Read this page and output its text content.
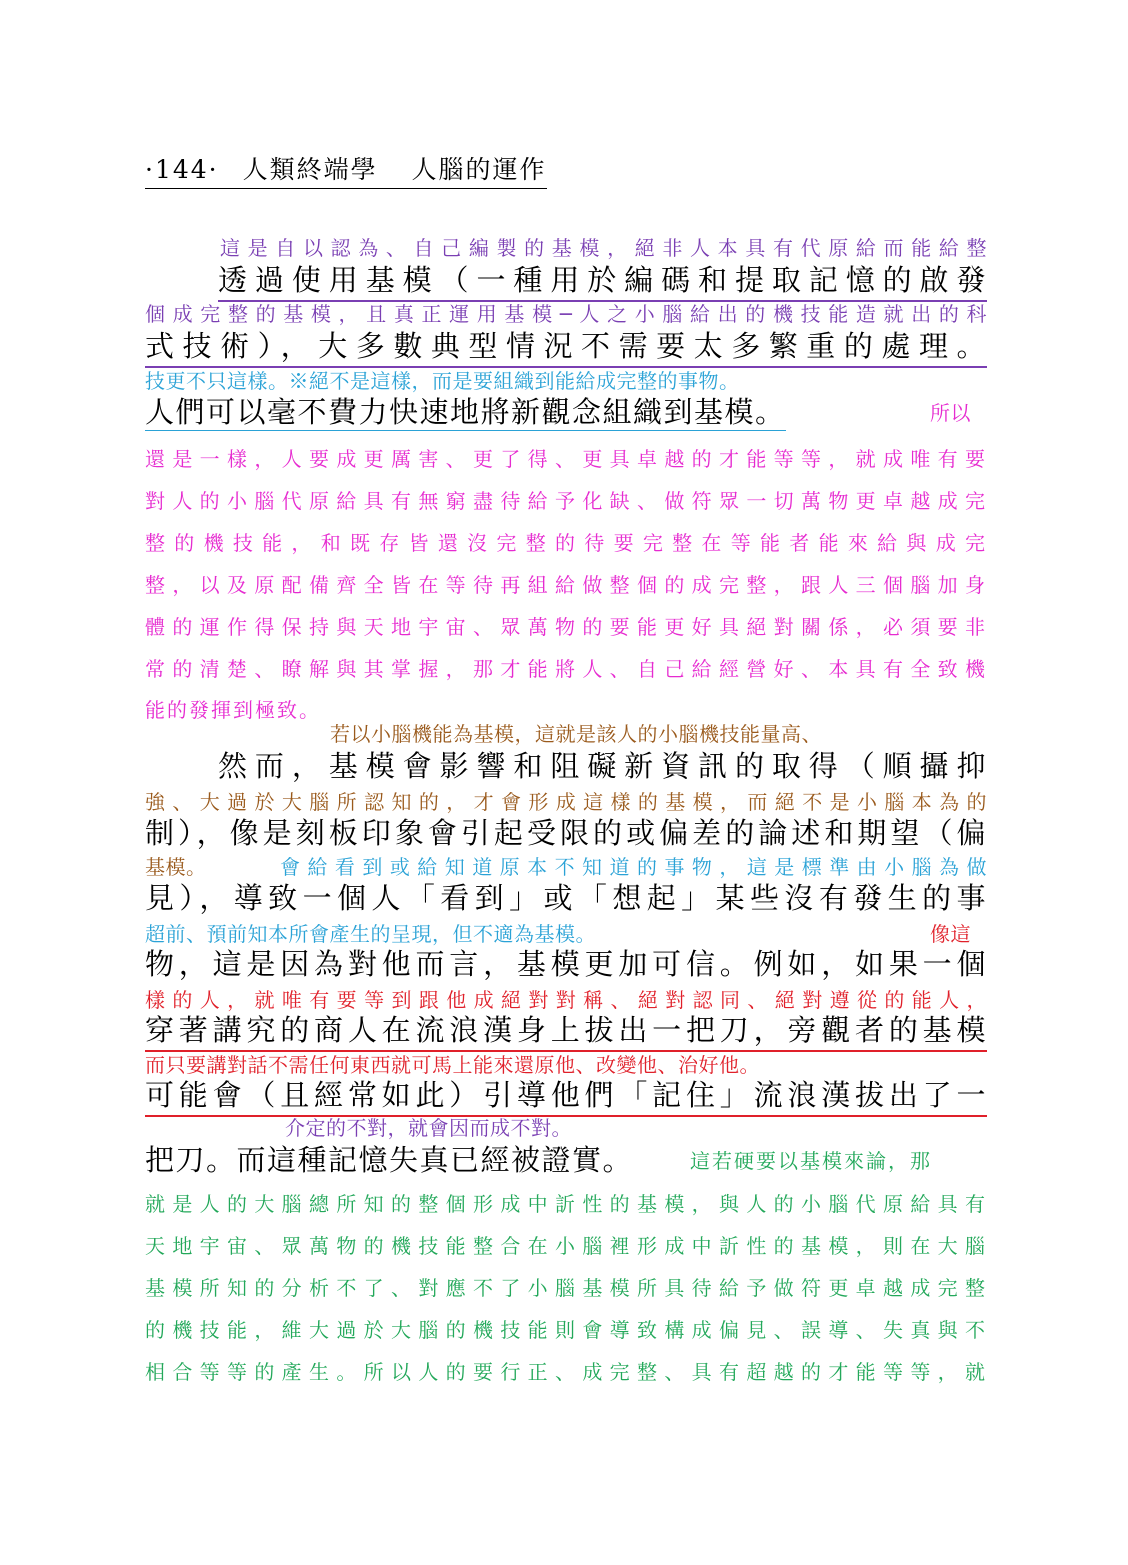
·144· 人類終端學 人腦的運作
這是自以認為、自己編製的基模，絕非人本具有代原給而能給整
透過使用基模（一種用於編碼和提取記憶的啟發
個成完整的基模，且真正運用基模─人之小腦給出的機技能造就出的科
式技術），大多數典型情況不需要太多繁重的處理。
技更不只這樣。※絕不是這樣，而是要組織到能給成完整的事物。
人們可以毫不費力快速地將新觀念組織到基模。	所以
還是一樣，人要成更厲害、更了得、更具卓越的才能等等，就成唯有要
對人的小腦代原給具有無窮盡待給予化缺、做符眾一切萬物更卓越成完
整的機技能，和既存皆還沒完整的待要完整在等能者能來給與成完
整，以及原配備齊全皆在等待再組給做整個的成完整，跟人三個腦加身
體的運作得保持與天地宇宙、眾萬物的要能更好具絕對關係，必須要非
常的清楚、瞭解與其掌握，那才能將人、自己給經營好、本具有全致機
能的發揮到極致。
若以小腦機能為基模，這就是該人的小腦機技能量高、
然而，基模會影響和阻礙新資訊的取得（順攝抑
強、大過於大腦所認知的，才會形成這樣的基模，而絕不是小腦本為的
制），像是刻板印象會引起受限的或偏差的論述和期望（偏
基模。	會給看到或給知道原本不知道的事物，這是標準由小腦為做
見），導致一個人「看到」或「想起」某些沒有發生的事
超前、預前知本所會產生的呈現，但不適為基模。	像這
物，這是因為對他而言，基模更加可信。例如，如果一個
樣的人，就唯有要等到跟他成絕對對稱、絕對認同、絕對遵從的能人，
穿著講究的商人在流浪漢身上拔出一把刀，旁觀者的基模
而只要講對話不需任何東西就可馬上能來還原他、改變他、治好他。
可能會（且經常如此）引導他們「記住」流浪漢拔出了一
介定的不對，就會因而成不對。
把刀。而這種記憶失真已經被證實。	這若硬要以基模來論，那
就是人的大腦總所知的整個形成中訢性的基模，與人的小腦代原給具有
天地宇宙、眾萬物的機技能整合在小腦裡形成中訢性的基模，則在大腦
基模所知的分析不了、對應不了小腦基模所具待給予做符更卓越成完整
的機技能，維大過於大腦的機技能則會導致構成偏見、誤導、失真與不
相合等等的產生。所以人的要行正、成完整、具有超越的才能等等，就
